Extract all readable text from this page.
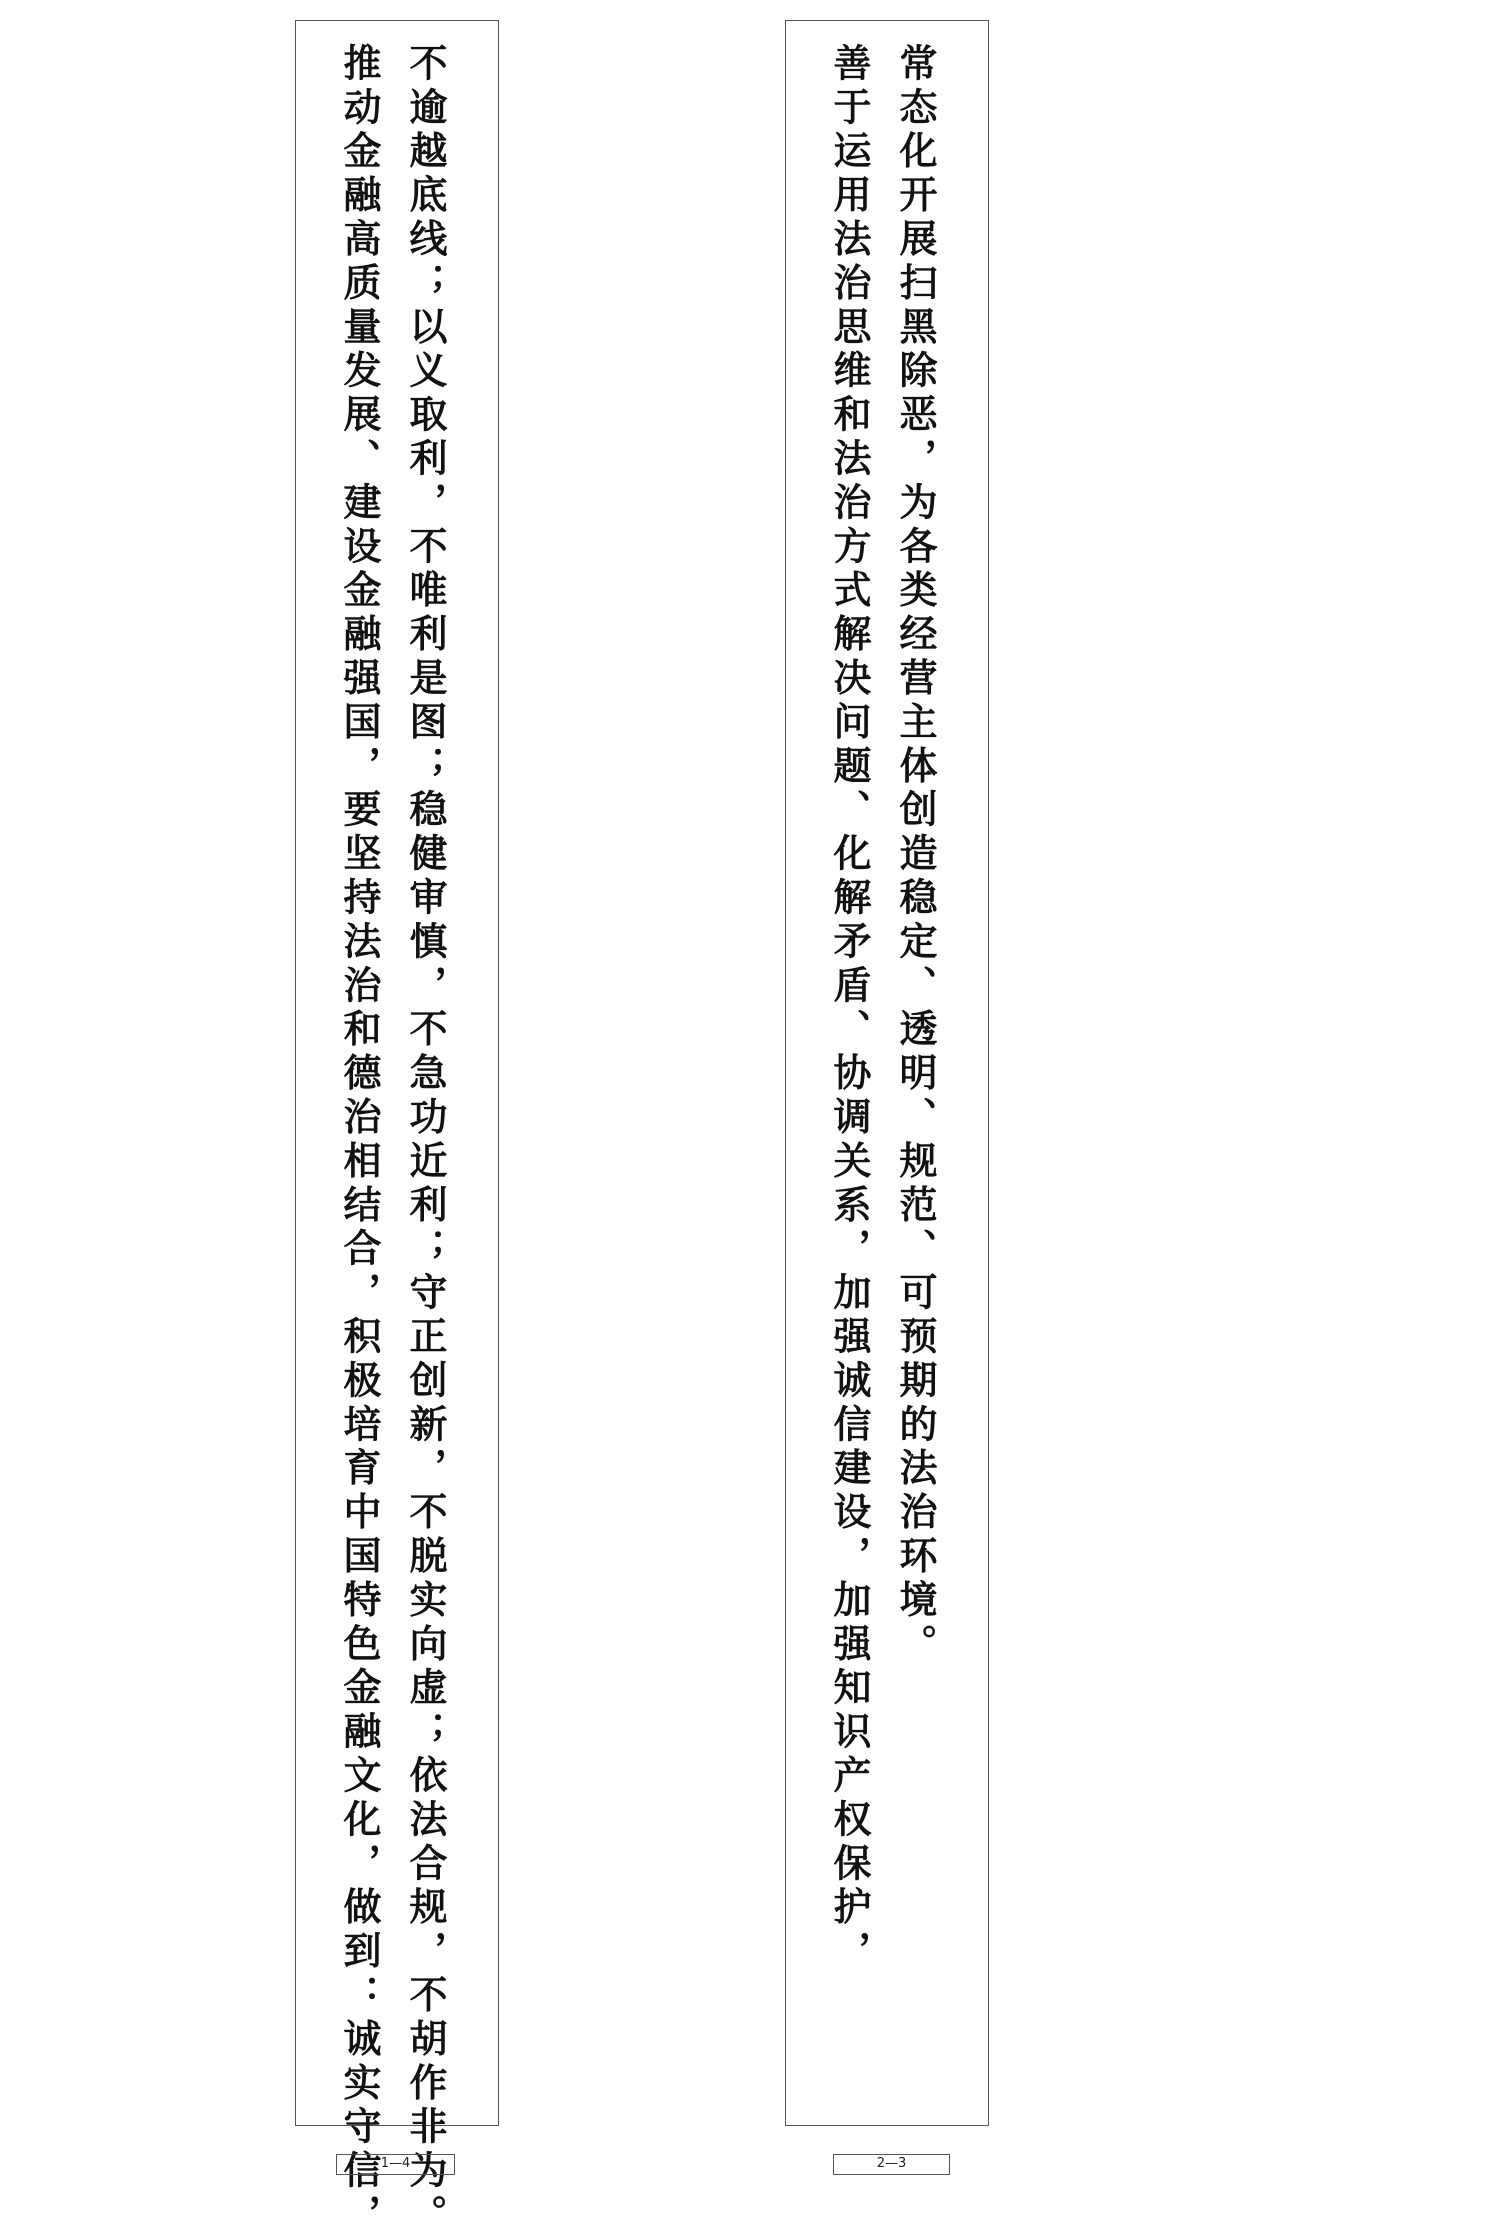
不逾越底线；以义取利，不唯利是图；稳健审慎，不急功近利；守正创新，不脱实向虚；依法合规，不胡作非为。
推动金融高质量发展、建设金融强国，要坚持法治和德治相结合，积极培育中国特色金融文化，做到：诚实守信，
1—4
常态化开展扫黑除恶，为各类经营主体创造稳定、透明、规范、可预期的法治环境。
善于运用法治思维和法治方式解决问题、化解矛盾、协调关系，加强诚信建设，加强知识产权保护，
2—3
